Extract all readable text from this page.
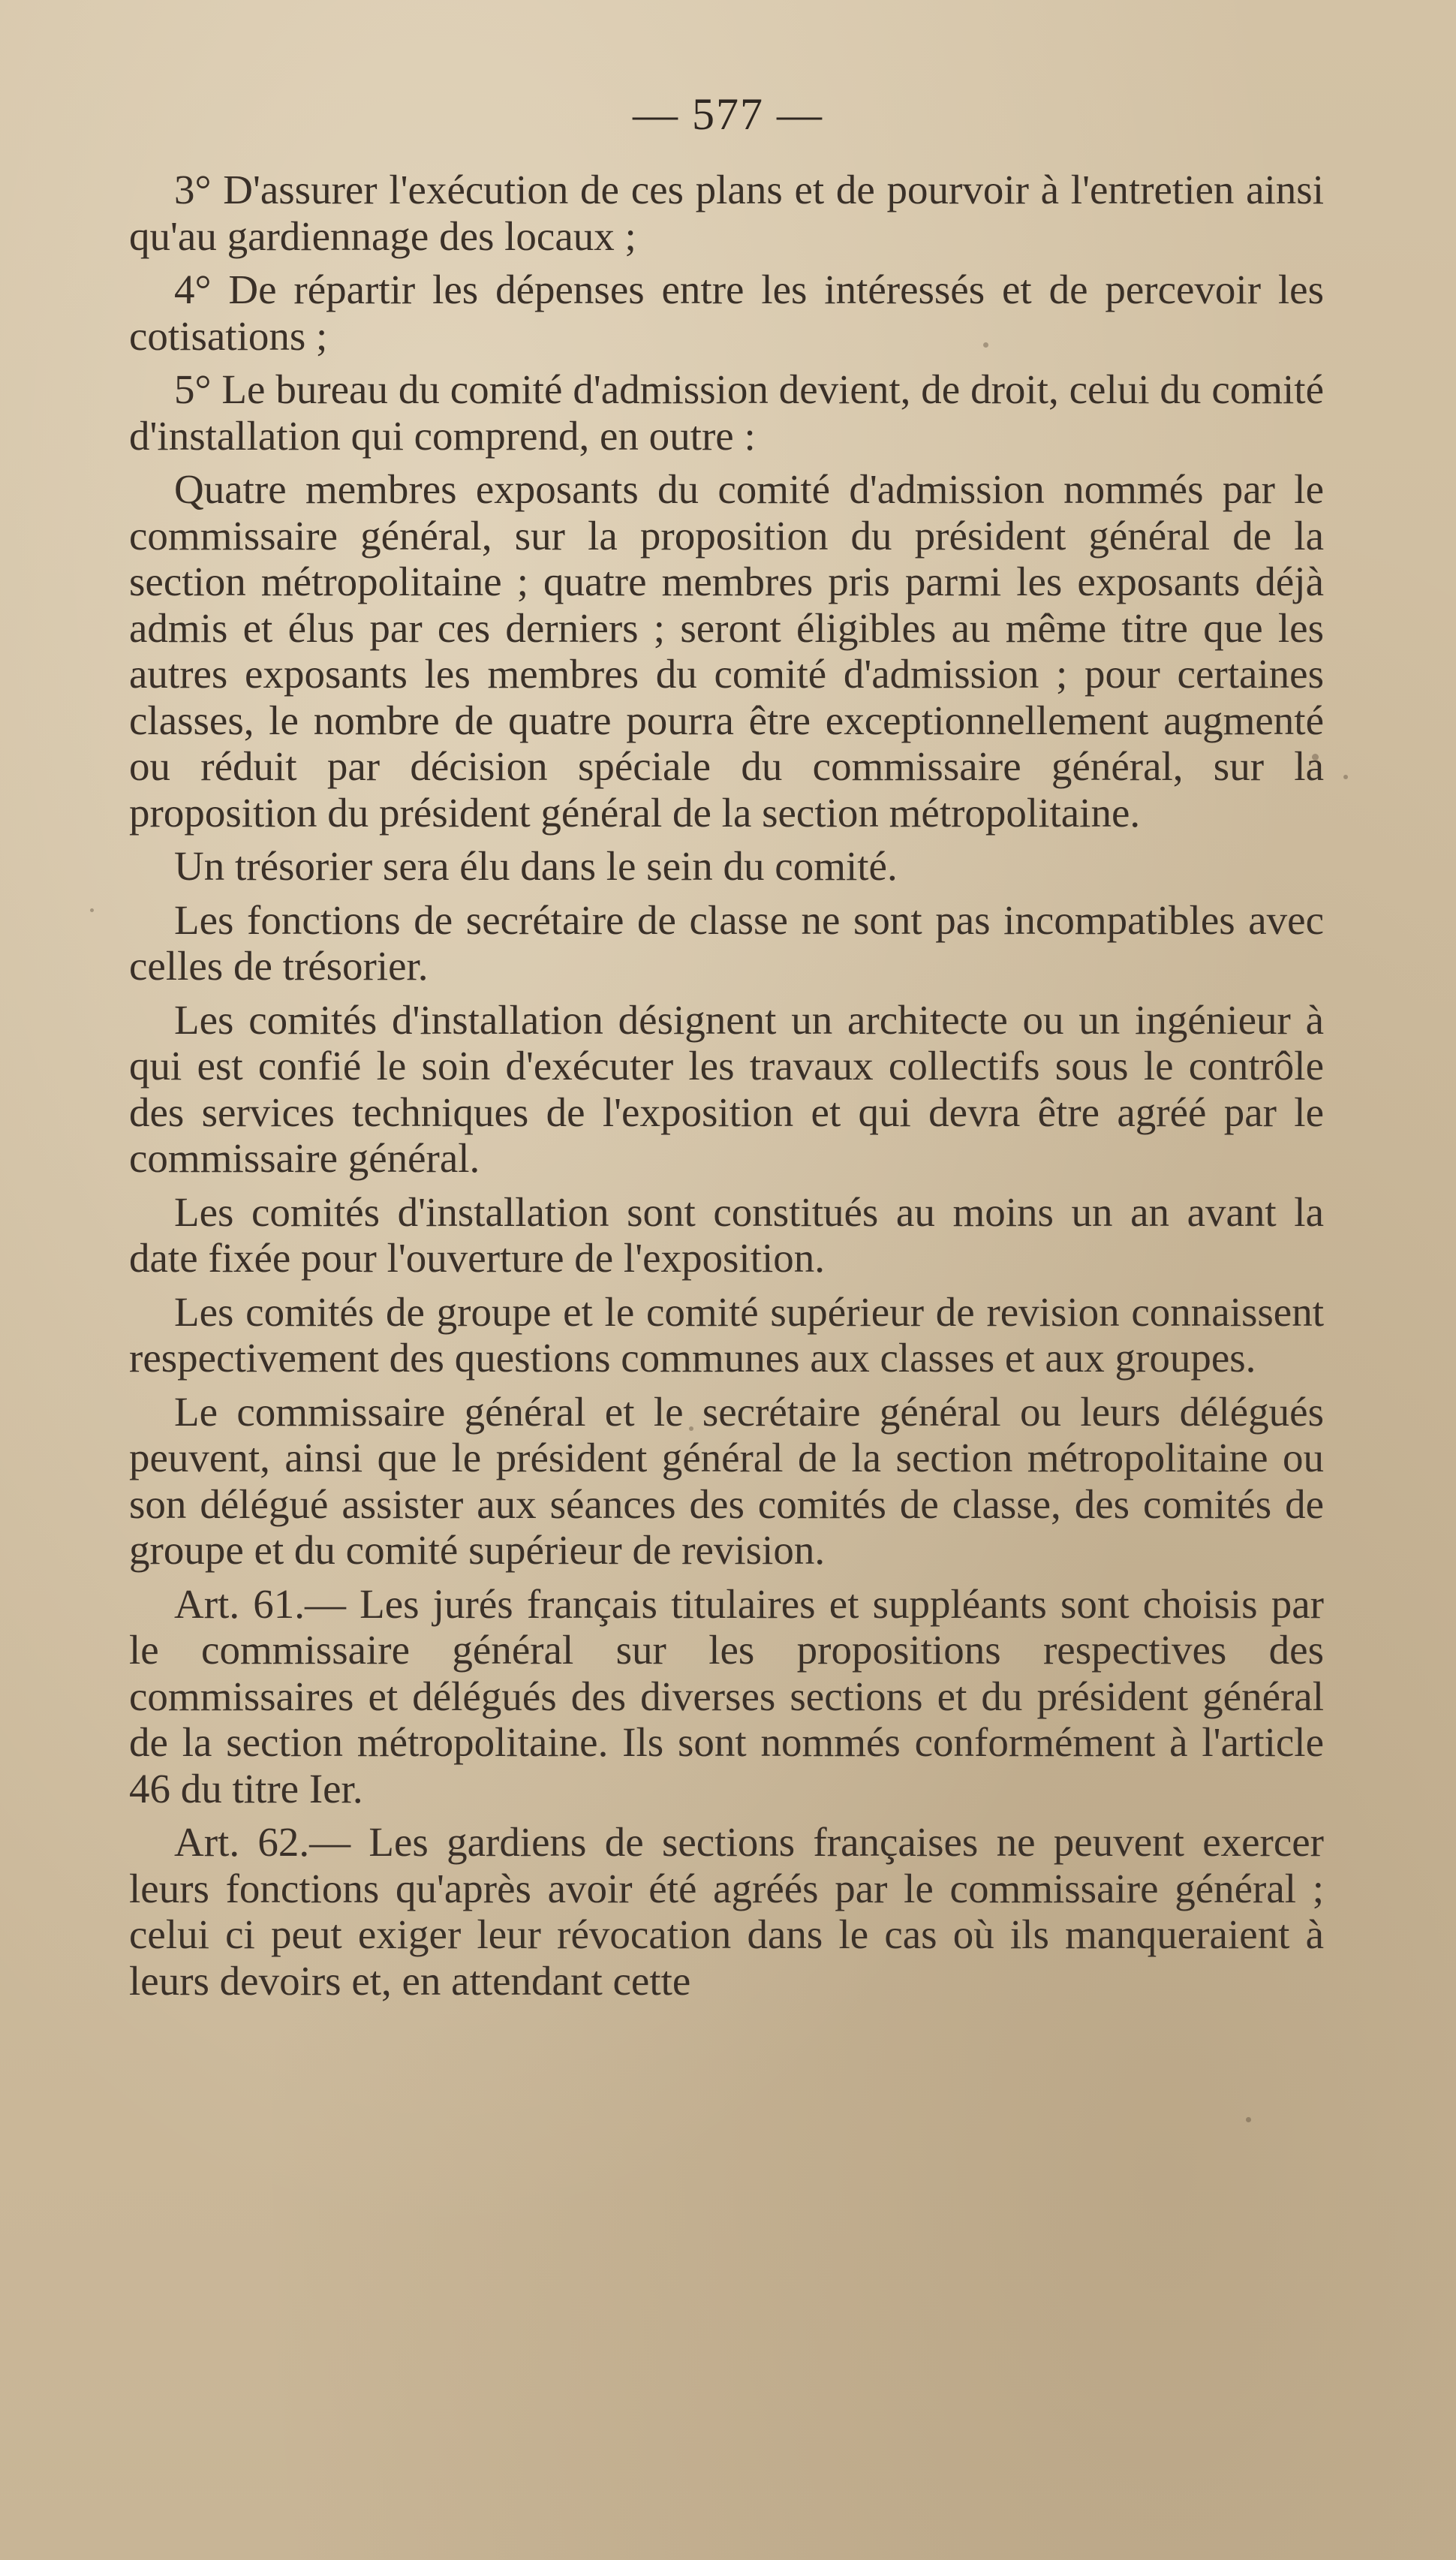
— 577 —

3° D'assurer l'exécution de ces plans et de pourvoir à l'entretien ainsi qu'au gardiennage des locaux ;

4° De répartir les dépenses entre les intéressés et de percevoir les cotisations ;

5° Le bureau du comité d'admission devient, de droit, celui du comité d'installation qui comprend, en outre :

Quatre membres exposants du comité d'admission nommés par le commissaire général, sur la proposition du président général de la section métropolitaine ; quatre membres pris parmi les exposants déjà admis et élus par ces derniers ; seront éligibles au même titre que les autres exposants les membres du comité d'admission ; pour certaines classes, le nombre de quatre pourra être exceptionnellement augmenté ou réduit par décision spéciale du commissaire général, sur la proposition du président général de la section métropolitaine.

Un trésorier sera élu dans le sein du comité.

Les fonctions de secrétaire de classe ne sont pas incompatibles avec celles de trésorier.

Les comités d'installation désignent un architecte ou un ingénieur à qui est confié le soin d'exécuter les travaux collectifs sous le contrôle des services techniques de l'exposition et qui devra être agréé par le commissaire général.

Les comités d'installation sont constitués au moins un an avant la date fixée pour l'ouverture de l'exposition.

Les comités de groupe et le comité supérieur de revision connaissent respectivement des questions communes aux classes et aux groupes.

Le commissaire général et le secrétaire général ou leurs délégués peuvent, ainsi que le président général de la section métropolitaine ou son délégué assister aux séances des comités de classe, des comités de groupe et du comité supérieur de revision.

Art. 61.— Les jurés français titulaires et suppléants sont choisis par le commissaire général sur les propositions respectives des commissaires et délégués des diverses sections et du président général de la section métropolitaine. Ils sont nommés conformément à l'article 46 du titre Ier.

Art. 62.— Les gardiens de sections françaises ne peuvent exercer leurs fonctions qu'après avoir été agréés par le commissaire général ; celui ci peut exiger leur révocation dans le cas où ils manqueraient à leurs devoirs et, en attendant cette
